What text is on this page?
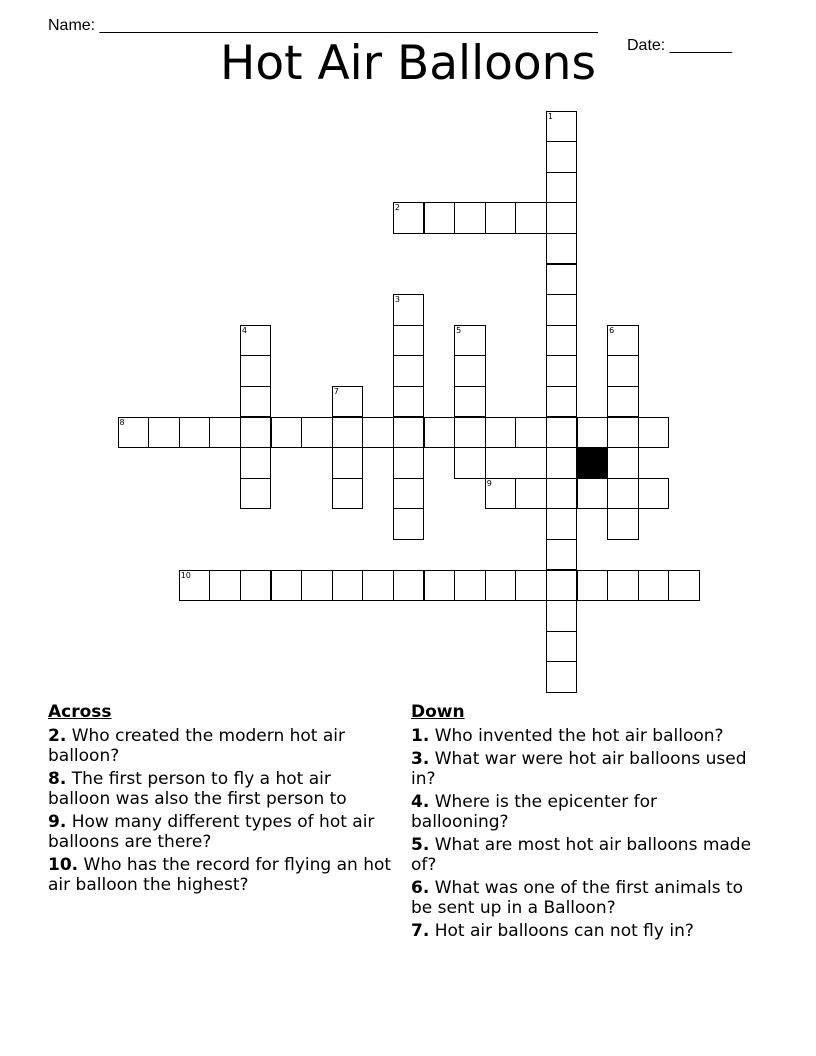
Name: ________________________________________________________

Date: _______

Hot Air Balloons
1
3
4	5	6
7
2
8
9
10
Across
2. Who created the modern hot air balloon?
8. The first person to fly a hot air balloon was also the first person to
9. How many different types of hot air balloons are there?
10. Who has the record for flying an hot air balloon the highest?
Down
1. Who invented the hot air balloon?
3. What war were hot air balloons used in?
4. Where is the epicenter for ballooning?
5. What are most hot air balloons made of?
6. What was one of the first animals to be sent up in a Balloon?
7. Hot air balloons can not fly in?
